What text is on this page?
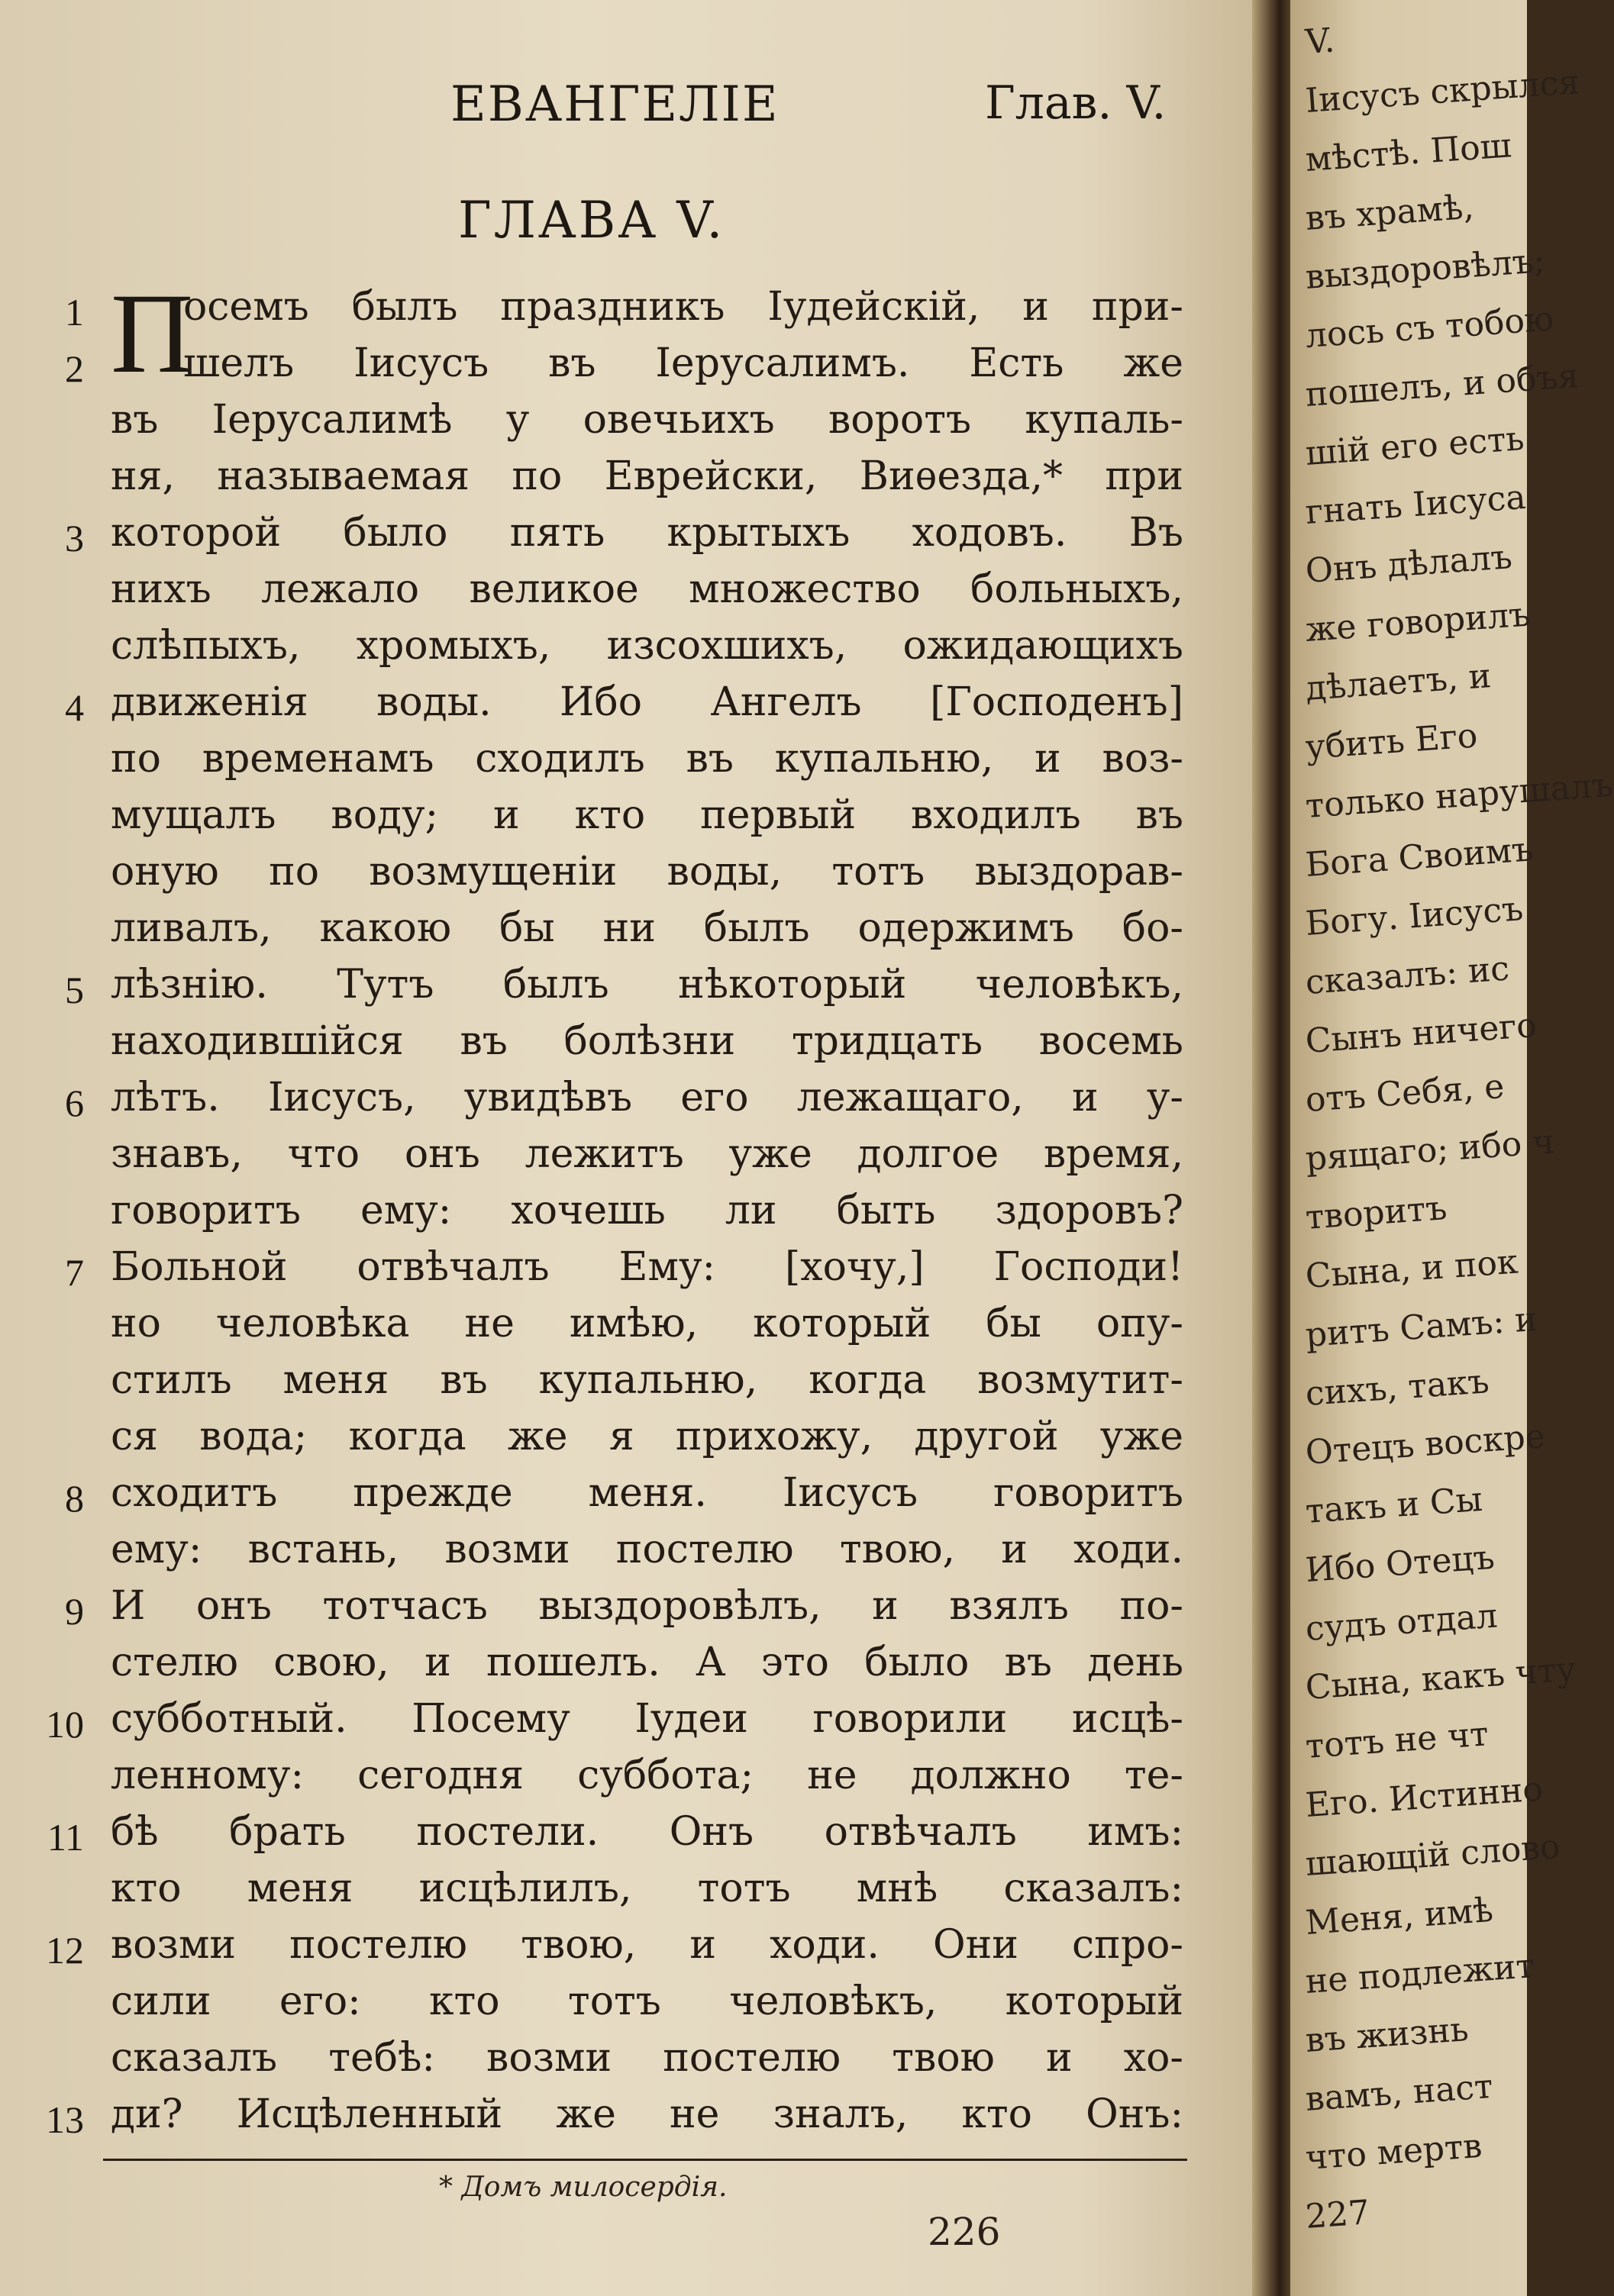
ЕВАНГЕЛІЕ	Глав. V.
ГЛАВА V.
П
1
2
3
4
5
6
7
8
9
10
11
12
13
осемъ былъ праздникъ Іудейскій, и при-
шелъ Іисусъ въ Іерусалимъ. Есть же
въ Іерусалимѣ у овечьихъ воротъ купаль-
ня, называемая по Еврейски, Виѳезда,* при
которой было пять крытыхъ ходовъ. Въ
нихъ лежало великое множество больныхъ,
слѣпыхъ, хромыхъ, изсохшихъ, ожидающихъ
движенія воды. Ибо Ангелъ [Господенъ]
по временамъ сходилъ въ купальню, и воз-
мущалъ воду; и кто первый входилъ въ
оную по возмущеніи воды, тотъ выздорав-
ливалъ, какою бы ни былъ одержимъ бо-
лѣзнію. Тутъ былъ нѣкоторый человѣкъ,
находившійся въ болѣзни тридцать восемь
лѣтъ. Іисусъ, увидѣвъ его лежащаго, и у-
знавъ, что онъ лежитъ уже долгое время,
говоритъ ему: хочешь ли быть здоровъ?
Больной отвѣчалъ Ему: [хочу,] Господи!
но человѣка не имѣю, который бы опу-
стилъ меня въ купальню, когда возмутит-
ся вода; когда же я прихожу, другой уже
сходитъ прежде меня. Іисусъ говоритъ
ему: встань, возми постелю твою, и ходи.
И онъ тотчасъ выздоровѣлъ, и взялъ по-
стелю свою, и пошелъ. А это было въ день
субботный. Посему Іудеи говорили исцѣ-
ленному: сегодня суббота; не должно те-
бѣ брать постели. Онъ отвѣчалъ имъ:
кто меня исцѣлилъ, тотъ мнѣ сказалъ:
возми постелю твою, и ходи. Они спро-
сили его: кто тотъ человѣкъ, который
сказалъ тебѣ: возми постелю твою и хо-
ди? Исцѣленный же не зналъ, кто Онъ:
* Домъ милосердія.
226
V.
Іисусъ скрылся
мѣстѣ. Пош
въ храмѣ,
выздоровѣлъ;
лось съ тобою
пошелъ, и объя
шій его есть
гнать Іисуса
Онъ дѣлалъ
же говорилъ
дѣлаетъ, и
убить Его
только нарушалъ
Бога Своимъ
Богу. Іисусъ
сказалъ: ис
Сынъ ничего
отъ Себя, е
рящаго; ибо ч
творитъ
Сына, и пок
ритъ Самъ: и
сихъ, такъ
Отецъ воскре
такъ и Сы
Ибо Отецъ
судъ отдал
Сына, какъ чту
тотъ не чт
Его. Истинно
шающій слово
Меня, имѣ
не подлежит
въ жизнь
вамъ, наст
что мертв
227
